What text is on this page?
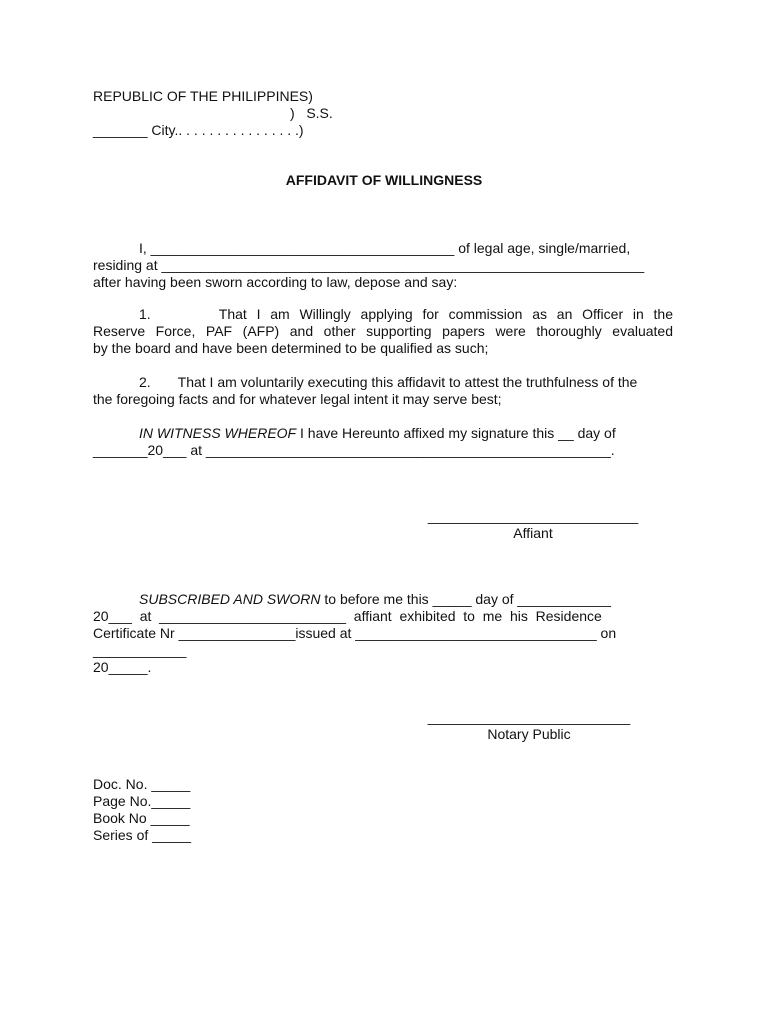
REPUBLIC OF THE PHILIPPINES)
)   S.S.
_______ City.. . . . . . . . . . . . . . . .)
AFFIDAVIT OF WILLINGNESS
I, _______________________________________ of legal age, single/married,
residing at ______________________________________________________________
after having been sworn according to law, depose and say:
1.       That I am Willingly applying for commission as an Officer in the
Reserve Force, PAF (AFP) and other supporting papers were thoroughly evaluated
by the board and have been determined to be qualified as such;
2.       That I am voluntarily executing this affidavit to attest the truthfulness of the
the foregoing facts and for whatever legal intent it may serve best;
IN WITNESS WHEREOF I have Hereunto affixed my signature this __ day of
_______20___ at ____________________________________________________.
___________________________
Affiant
SUBSCRIBED AND SWORN to before me this _____ day of ____________
20___  at  ________________________  affiant  exhibited  to  me  his  Residence
Certificate Nr _______________issued at _______________________________ on
____________
20_____.
__________________________
Notary Public
Doc. No. _____
Page No._____
Book No _____
Series of _____
